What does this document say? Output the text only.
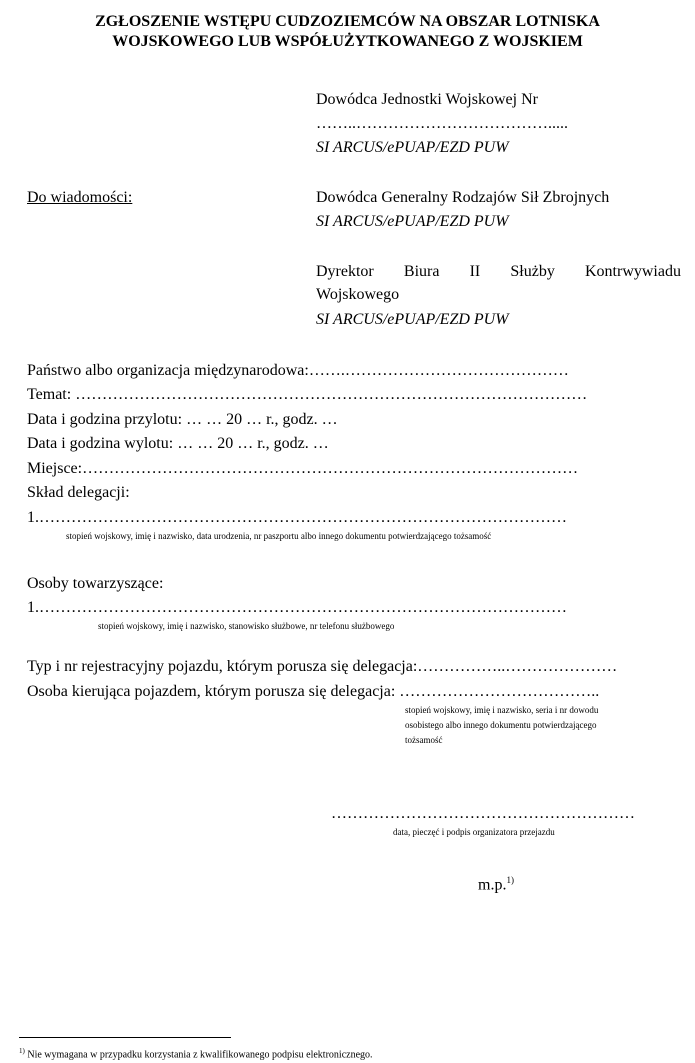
ZGŁOSZENIE WSTĘPU CUDZOZIEMCÓW NA OBSZAR LOTNISKA
WOJSKOWEGO LUB WSPÓŁUŻYTKOWANEGO Z WOJSKIEM
Dowódca Jednostki Wojskowej Nr
……..……………………………….....
SI ARCUS/ePUAP/EZD PUW
Do wiadomości:	Dowódca Generalny Rodzajów Sił Zbrojnych
SI ARCUS/ePUAP/EZD PUW
Dyrektor Biura II Służby Kontrwywiadu
Wojskowego
SI ARCUS/ePUAP/EZD PUW
Państwo albo organizacja międzynarodowa:…….……………………………………
Temat: ……………………………………………………………………………………
Data i godzina przylotu: … … 20 … r., godz. …
Data i godzina wylotu: … … 20 … r., godz. …
Miejsce:…………………………………………………………………………………
Skład delegacji:
1.………………………………………………………………………………………
stopień wojskowy, imię i nazwisko, data urodzenia, nr paszportu albo innego dokumentu potwierdzającego tożsamość
Osoby towarzyszące:
1.………………………………………………………………………………………
stopień wojskowy, imię i nazwisko, stanowisko służbowe, nr telefonu służbowego
Typ i nr rejestracyjny pojazdu, którym porusza się delegacja:……………..…………………
Osoba kierująca pojazdem, którym porusza się delegacja: ………………………………..
stopień wojskowy, imię i nazwisko, seria i nr dowodu
osobistego albo innego dokumentu potwierdzającego
tożsamość
…………………………………………………
data, pieczęć i podpis organizatora przejazdu
m.p.$^{1)}$
$^{1)}$ Nie wymagana w przypadku korzystania z kwalifikowanego podpisu elektronicznego.
